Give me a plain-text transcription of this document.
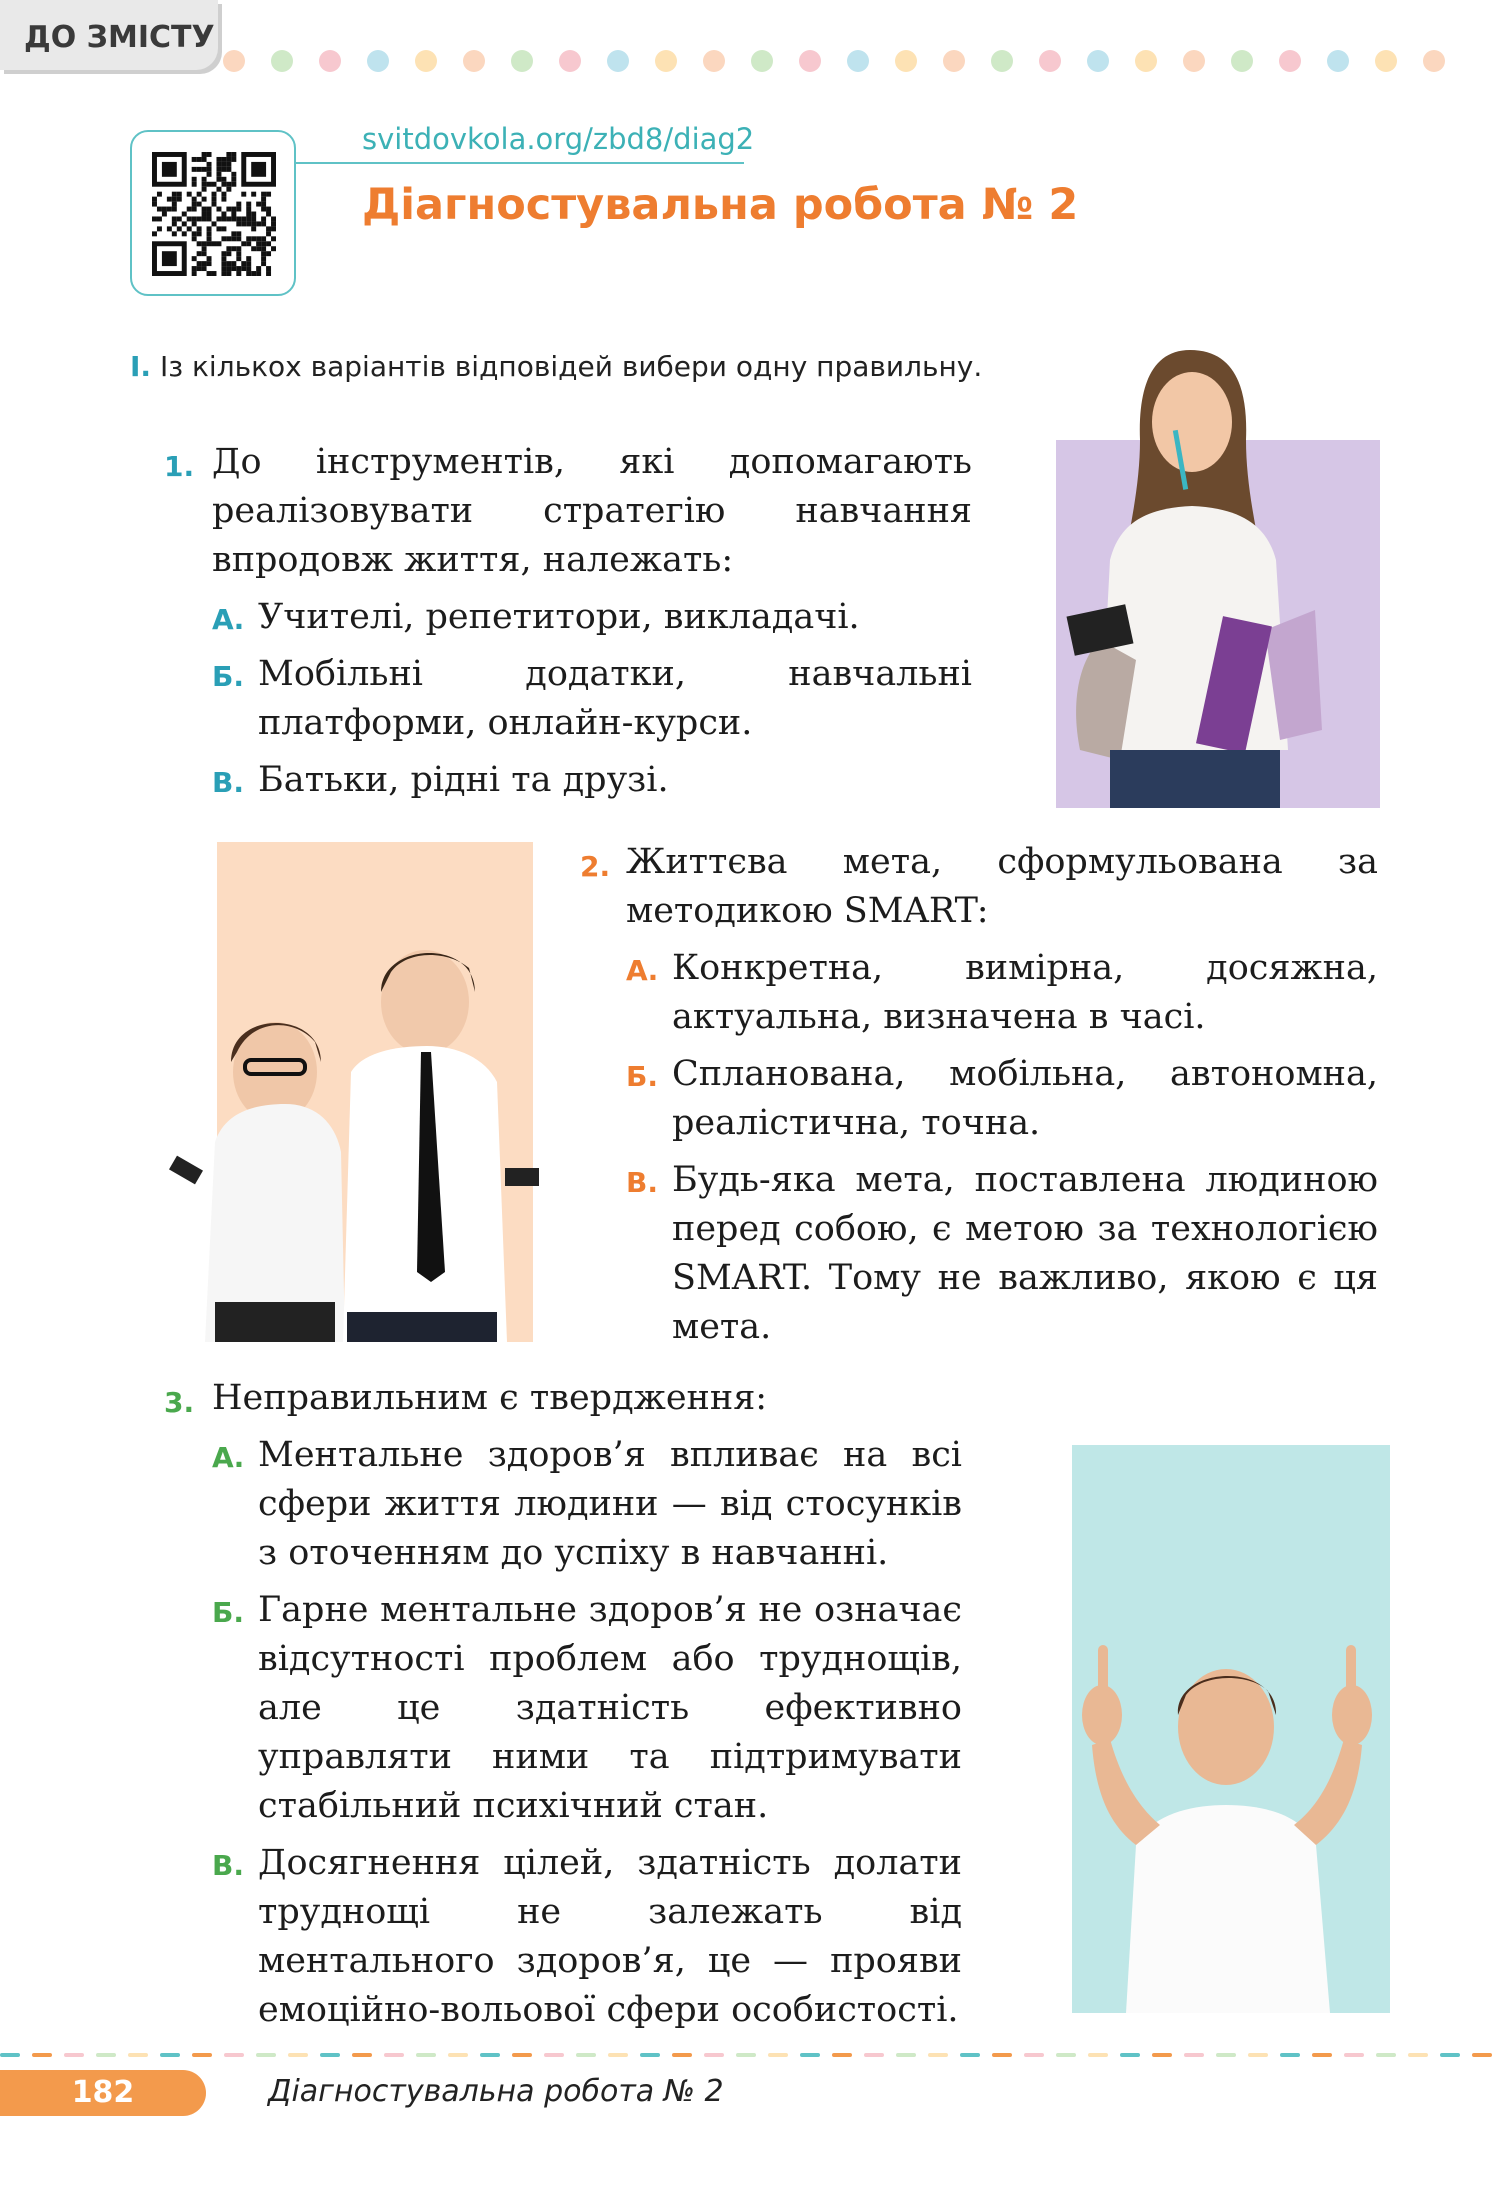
ДО ЗМІСТУ
svitdovkola.org/zbd8/diag2
Діагностувальна робота № 2
I. Із кількох варіантів відповідей вибери одну правильну.
1. До інструментів, які допомагають реалізовувати стратегію навчання впродовж життя, належать:
А. Учителі, репетитори, викладачі.
Б. Мобільні додатки, навчальні платформи, онлайн-курси.
В. Батьки, рідні та друзі.
2. Життєва мета, сформульована за методикою SMART:
А. Конкретна, вимірна, досяжна, актуальна, визначена в часі.
Б. Спланована, мобільна, автономна, реалістична, точна.
В. Будь-яка мета, поставлена людиною перед собою, є метою за технологією SMART. Тому не важливо, якою є ця мета.
3. Неправильним є твердження:
А. Ментальне здоров’я впливає на всі сфери життя людини — від стосунків з оточенням до успіху в навчанні.
Б. Гарне ментальне здоров’я не означає відсутності проблем або труднощів, але це здатність ефективно управляти ними та підтримувати стабільний психічний стан.
В. Досягнення цілей, здатність долати труднощі не залежать від ментального здоров’я, це — прояви емоційно-вольової сфери особистості.
182	Діагностувальна робота № 2
